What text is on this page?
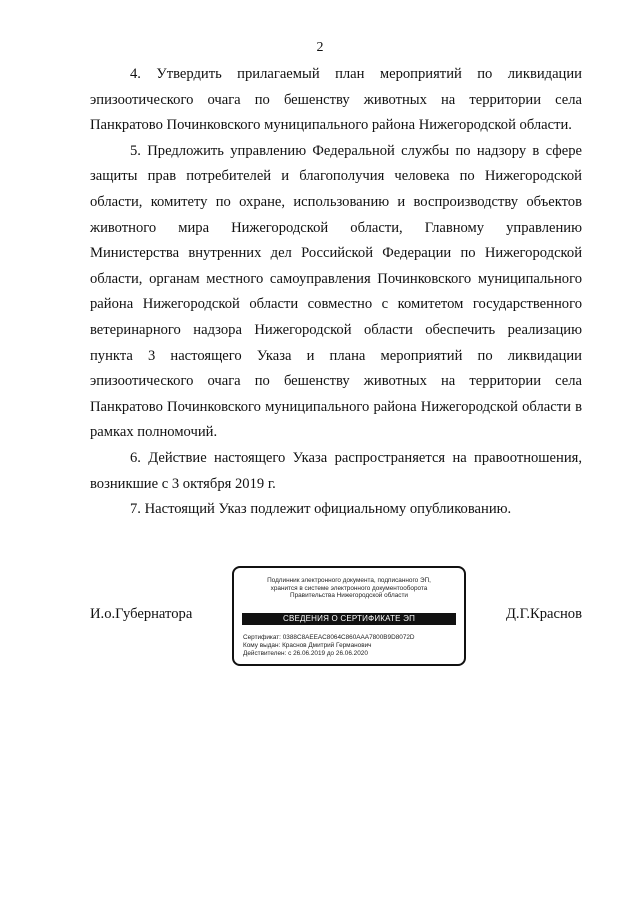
2

4. Утвердить прилагаемый план мероприятий по ликвидации эпизоотического очага по бешенству животных на территории села Панкратово Починковского муниципального района Нижегородской области.

5. Предложить управлению Федеральной службы по надзору в сфере защиты прав потребителей и благополучия человека по Нижегородской области, комитету по охране, использованию и воспроизводству объектов животного мира Нижегородской области, Главному управлению Министерства внутренних дел Российской Федерации по Нижегородской области, органам местного самоуправления Починковского муниципального района Нижегородской области совместно с комитетом государственного ветеринарного надзора Нижегородской области обеспечить реализацию пункта 3 настоящего Указа и плана мероприятий по ликвидации эпизоотического очага по бешенству животных на территории села Панкратово Починковского муниципального района Нижегородской области в рамках полномочий.

6. Действие настоящего Указа распространяется на правоотношения, возникшие с 3 октября 2019 г.

7. Настоящий Указ подлежит официальному опубликованию.

И.о.Губернатора
Подлинник электронного документа, подписанного ЭП,
хранится в системе электронного документооборота
Правительства Нижегородской области
СВЕДЕНИЯ О СЕРТИФИКАТЕ ЭП
Сертификат: 0388C8AEEAC8064C860AAA7800B9D8072D
Кому выдан: Краснов Дмитрий Германович
Действителен: с 26.06.2019 до 26.06.2020
Д.Г.Краснов
